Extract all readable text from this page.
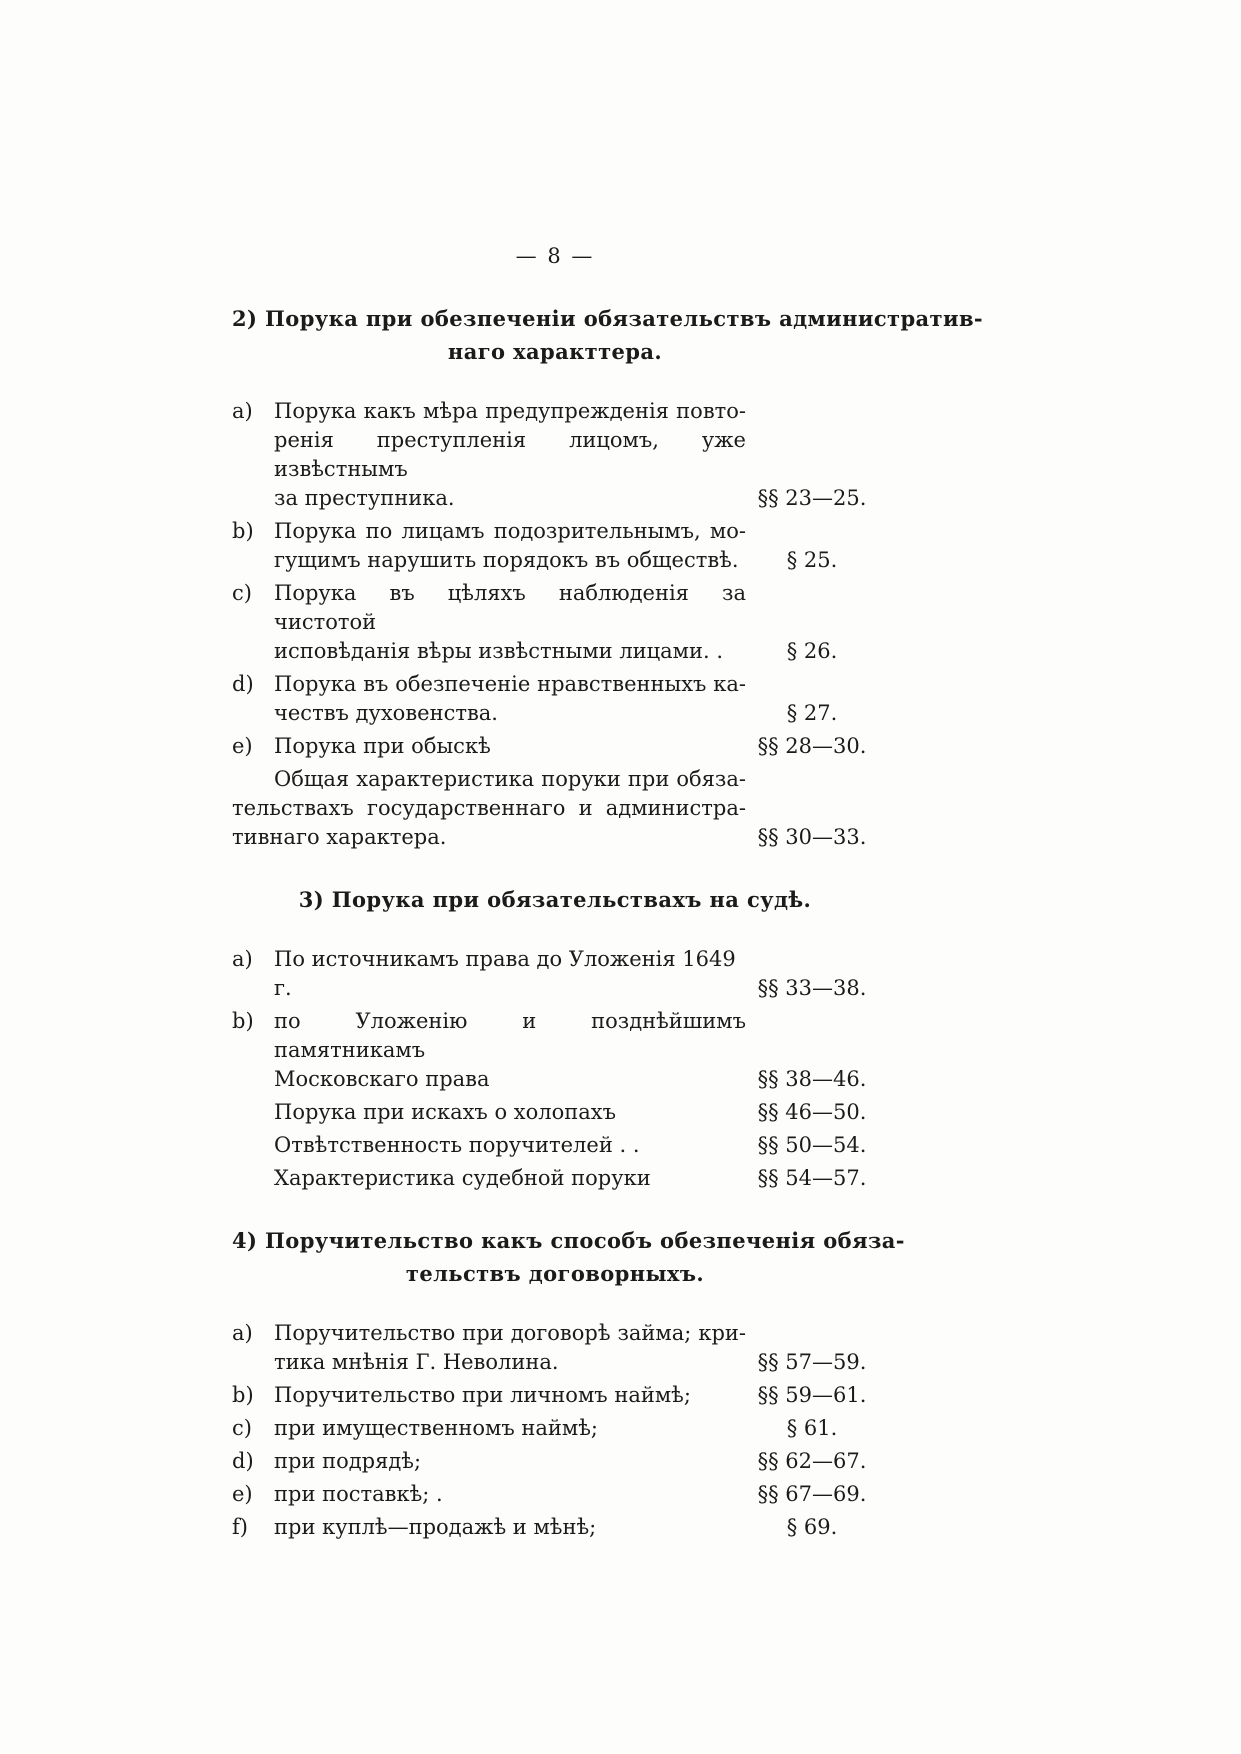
— 8 —
2) Порука при обезпеченіи обязательствъ административ-
наго характтера.
a)	Порука какъ мѣра предупрежденія повто-
ренія преступленія лицомъ, уже извѣстнымъ
за преступника.	§§ 23—25.
b) Порука по лицамъ подозрительнымъ, мо-
гущимъ нарушить порядокъ въ обществѣ.	§ 25.
c)	Порука въ цѣляхъ наблюденія за чистотой
исповѣданія вѣры извѣстными лицами. .	§ 26.
d) Порука въ обезпеченіе нравственныхъ ка-
чествъ духовенства.	§ 27.
e)	Порука при обыскѣ	§§ 28—30.
Общая характеристика поруки при обяза-
тельствахъ государственнаго и администра-
тивнаго характера.	§§ 30—33.
3) Порука при обязательствахъ на судѣ.
a)	По источникамъ права до Уложенія 1649 г.	§§ 33—38.
b) по Уложенію и позднѣйшимъ памятникамъ
Московскаго права	§§ 38—46.
Порука при искахъ о холопахъ	§§ 46—50.
Отвѣтственность поручителей . .	§§ 50—54.
Характеристика судебной поруки	§§ 54—57.
4) Поручительство какъ способъ обезпеченія обяза-
тельствъ договорныхъ.
a)	Поручительство при договорѣ займа; кри-
тика мнѣнія Г. Неволина.	§§ 57—59.
b) Поручительство при личномъ наймѣ;	§§ 59—61.
c)	при имущественномъ наймѣ;	§ 61.
d) при подрядѣ;	§§ 62—67.
e)	при поставкѣ; .	§§ 67—69.
f)	при куплѣ—продажѣ и мѣнѣ;	§ 69.
